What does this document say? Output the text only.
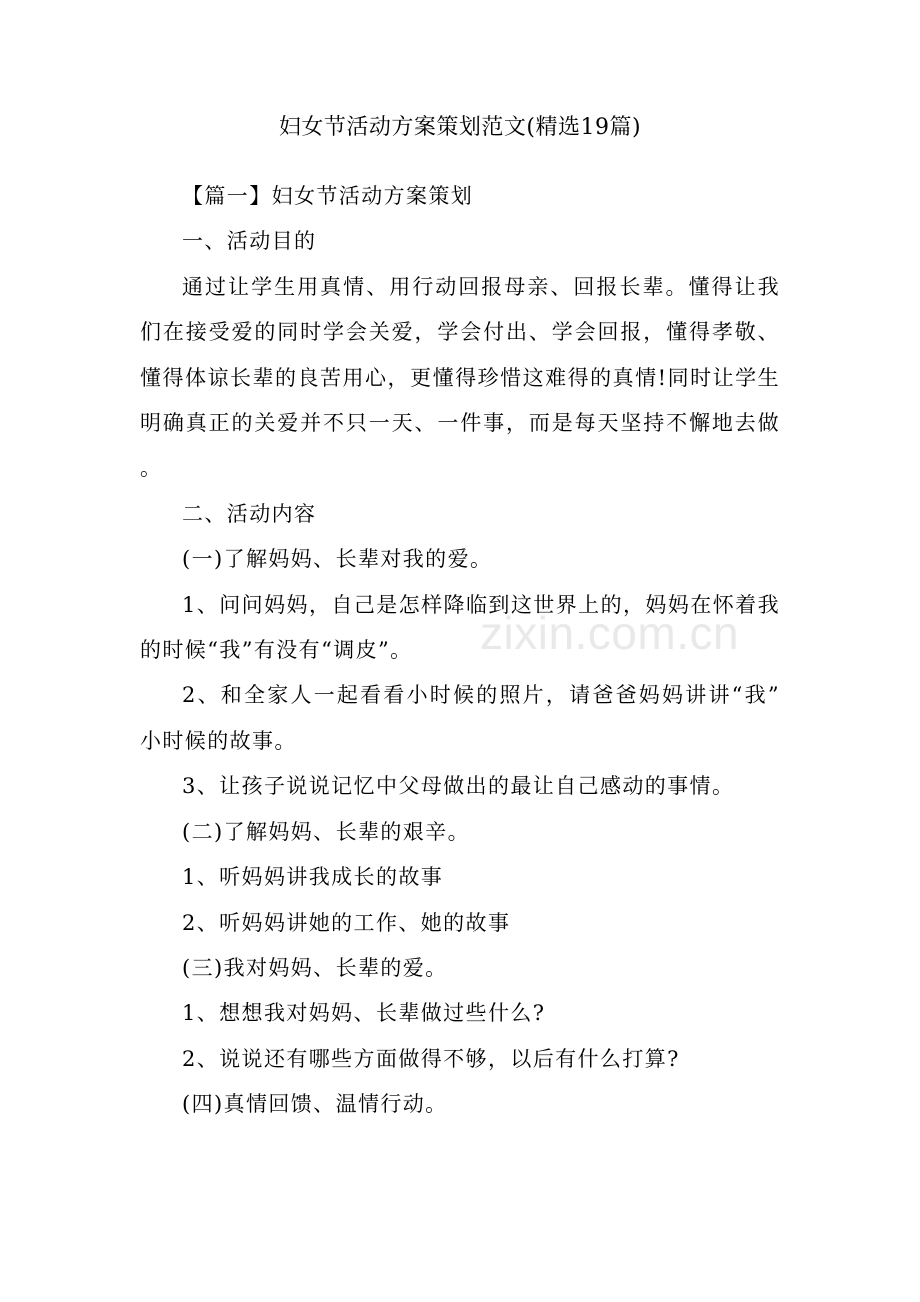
zixin.com.cn
妇女节活动方案策划范文(精选19篇)

【篇一】妇女节活动方案策划

一、活动目的

通过让学生用真情、用行动回报母亲、回报长辈。懂得让我们在接受爱的同时学会关爱，学会付出、学会回报，懂得孝敬、懂得体谅长辈的良苦用心，更懂得珍惜这难得的真情!同时让学生明确真正的关爱并不只一天、一件事，而是每天坚持不懈地去做。

二、活动内容

(一)了解妈妈、长辈对我的爱。

1、问问妈妈，自己是怎样降临到这世界上的，妈妈在怀着我的时候“我”有没有“调皮”。

2、和全家人一起看看小时候的照片，请爸爸妈妈讲讲“我”小时候的故事。

3、让孩子说说记忆中父母做出的最让自己感动的事情。

(二)了解妈妈、长辈的艰辛。

1、听妈妈讲我成长的故事

2、听妈妈讲她的工作、她的故事

(三)我对妈妈、长辈的爱。

1、想想我对妈妈、长辈做过些什么?

2、说说还有哪些方面做得不够，以后有什么打算?

(四)真情回馈、温情行动。
